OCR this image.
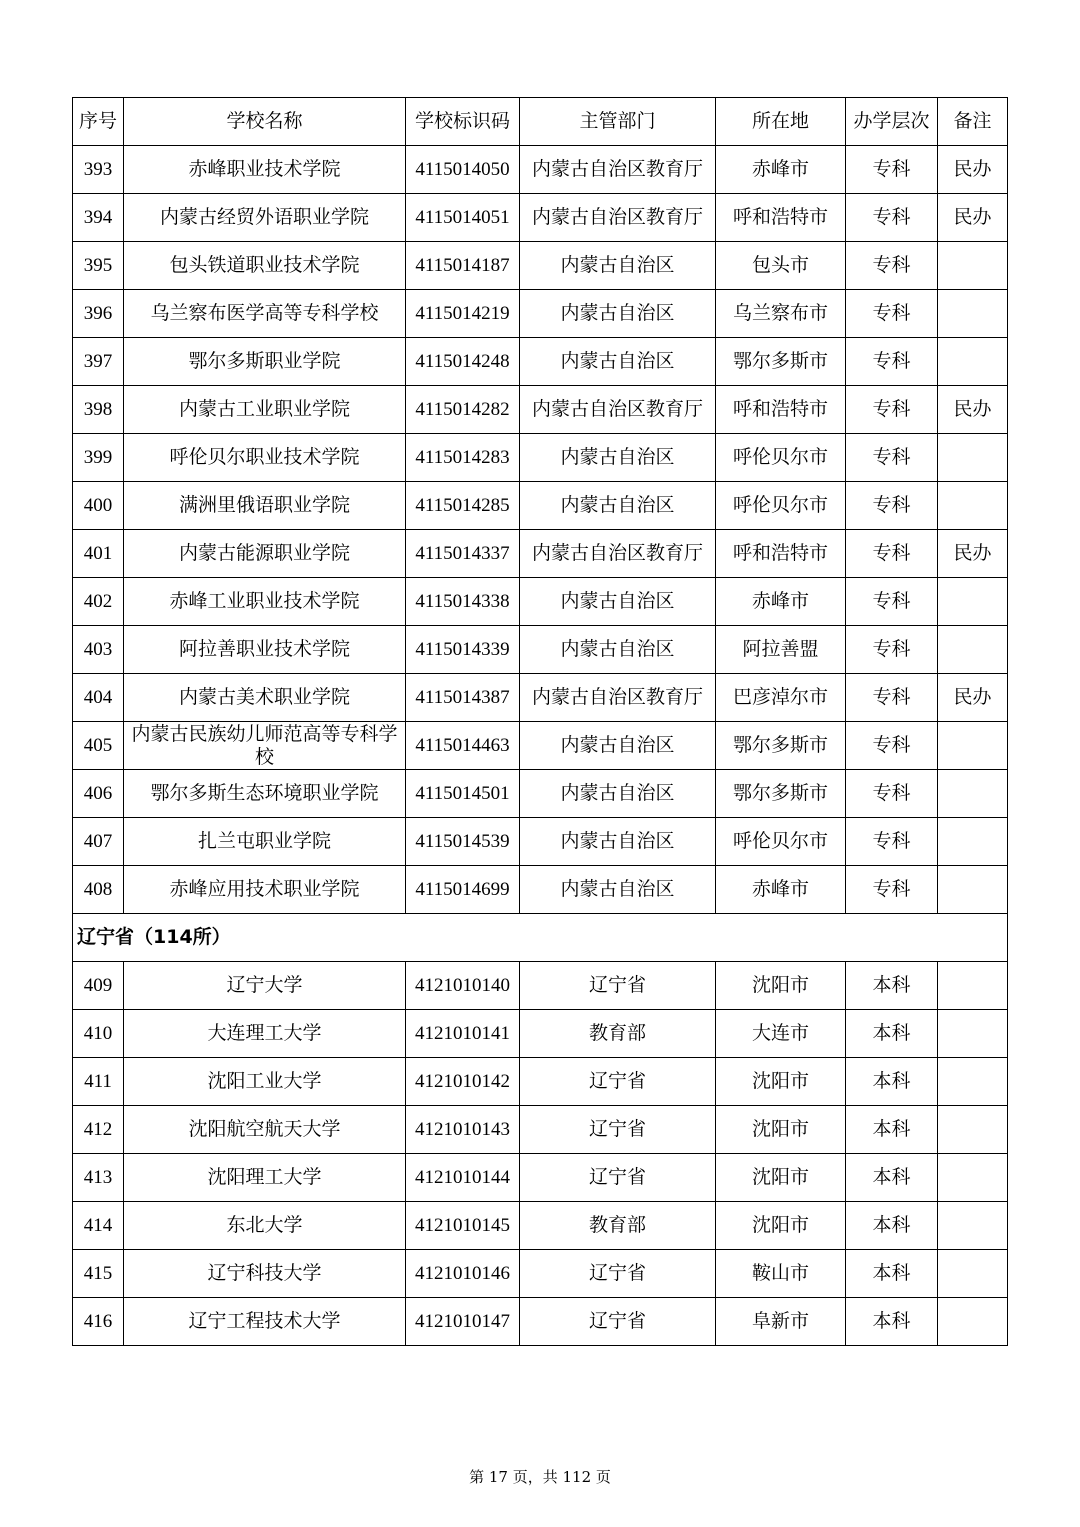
序号	学校名称	学校标识码	主管部门	所在地	办学层次	备注
393	赤峰职业技术学院	4115014050	内蒙古自治区教育厅	赤峰市	专科	民办
394	内蒙古经贸外语职业学院	4115014051	内蒙古自治区教育厅	呼和浩特市	专科	民办
395	包头铁道职业技术学院	4115014187	内蒙古自治区	包头市	专科	
396	乌兰察布医学高等专科学校	4115014219	内蒙古自治区	乌兰察布市	专科	
397	鄂尔多斯职业学院	4115014248	内蒙古自治区	鄂尔多斯市	专科	
398	内蒙古工业职业学院	4115014282	内蒙古自治区教育厅	呼和浩特市	专科	民办
399	呼伦贝尔职业技术学院	4115014283	内蒙古自治区	呼伦贝尔市	专科	
400	满洲里俄语职业学院	4115014285	内蒙古自治区	呼伦贝尔市	专科	
401	内蒙古能源职业学院	4115014337	内蒙古自治区教育厅	呼和浩特市	专科	民办
402	赤峰工业职业技术学院	4115014338	内蒙古自治区	赤峰市	专科	
403	阿拉善职业技术学院	4115014339	内蒙古自治区	阿拉善盟	专科	
404	内蒙古美术职业学院	4115014387	内蒙古自治区教育厅	巴彦淖尔市	专科	民办
405	内蒙古民族幼儿师范高等专科学校	4115014463	内蒙古自治区	鄂尔多斯市	专科	
406	鄂尔多斯生态环境职业学院	4115014501	内蒙古自治区	鄂尔多斯市	专科	
407	扎兰屯职业学院	4115014539	内蒙古自治区	呼伦贝尔市	专科	
408	赤峰应用技术职业学院	4115014699	内蒙古自治区	赤峰市	专科	
辽宁省（114所）						
409	辽宁大学	4121010140	辽宁省	沈阳市	本科	
410	大连理工大学	4121010141	教育部	大连市	本科	
411	沈阳工业大学	4121010142	辽宁省	沈阳市	本科	
412	沈阳航空航天大学	4121010143	辽宁省	沈阳市	本科	
413	沈阳理工大学	4121010144	辽宁省	沈阳市	本科	
414	东北大学	4121010145	教育部	沈阳市	本科	
415	辽宁科技大学	4121010146	辽宁省	鞍山市	本科	
416	辽宁工程技术大学	4121010147	辽宁省	阜新市	本科	
第 17 页，共 112 页
